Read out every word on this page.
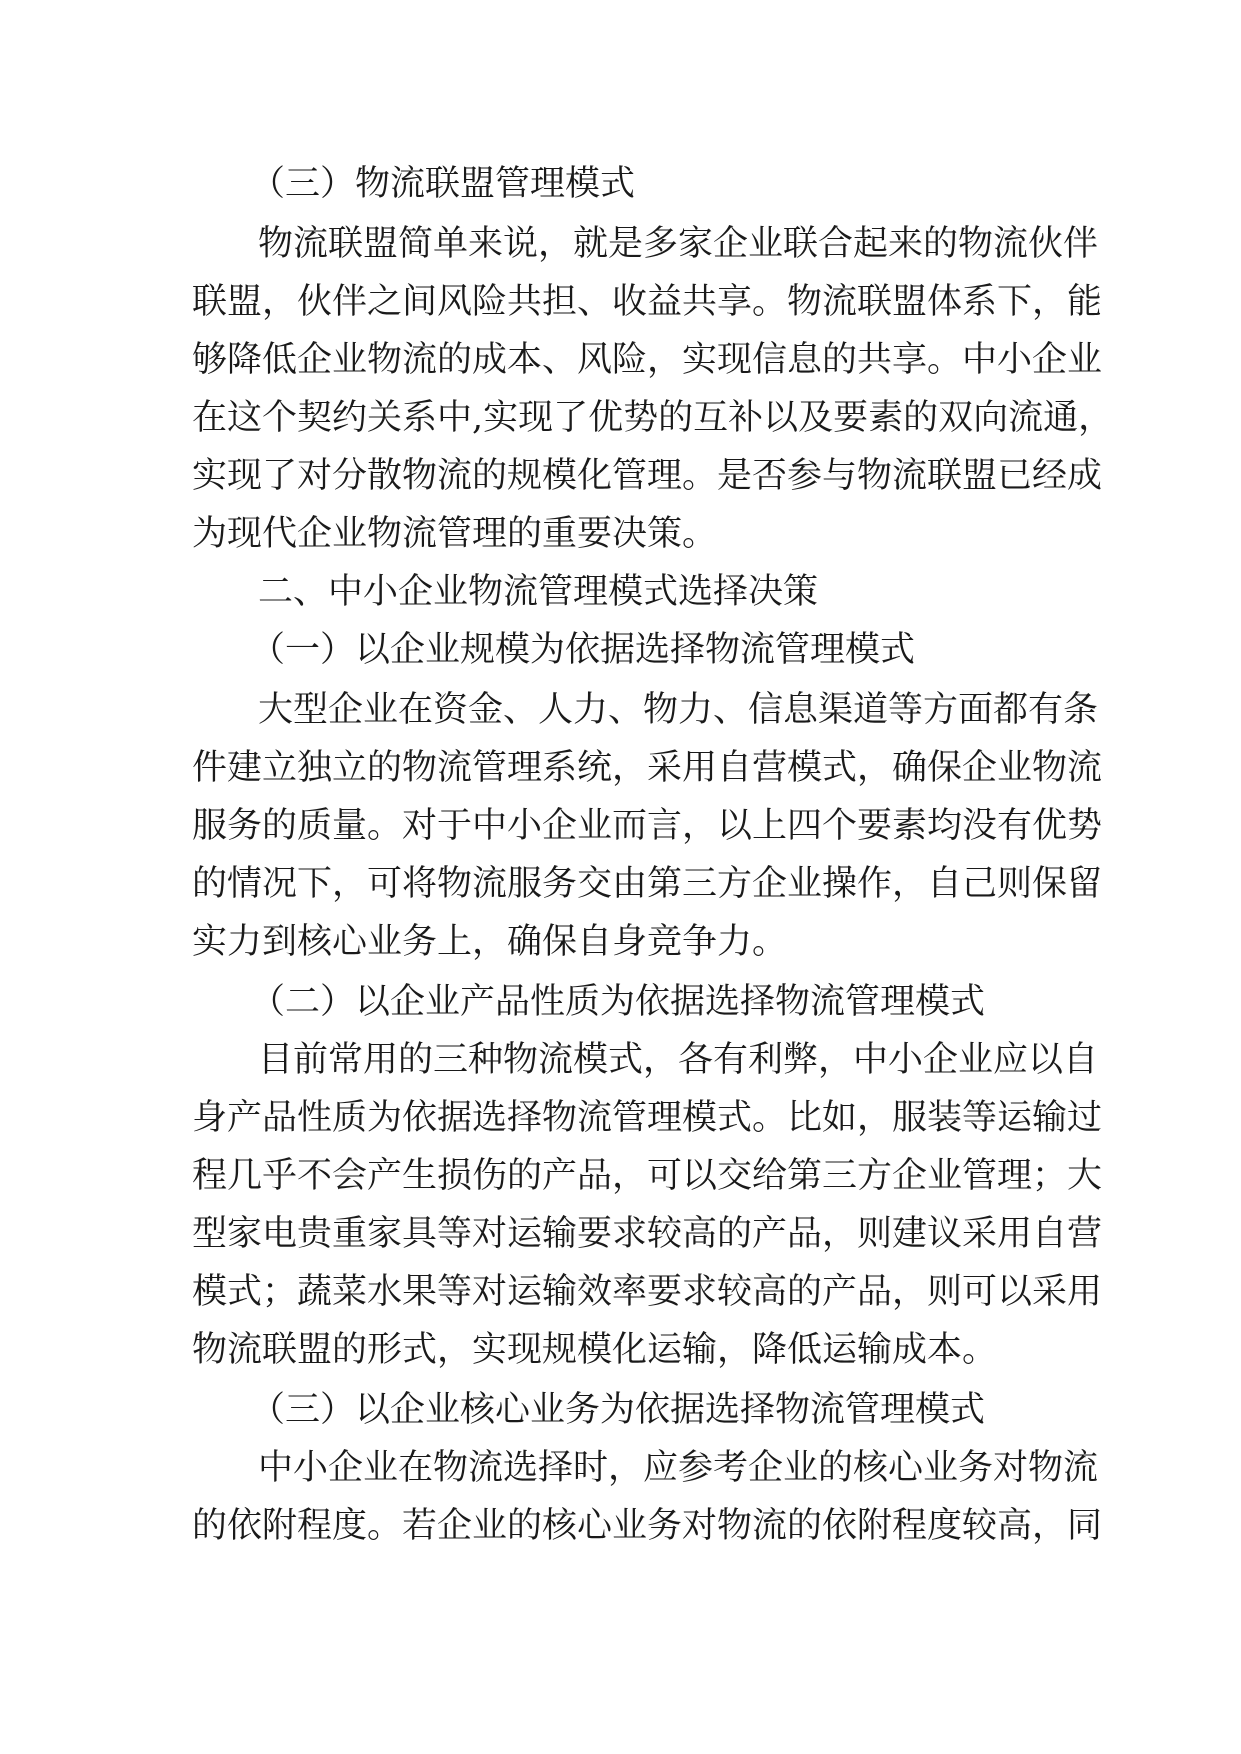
（三）物流联盟管理模式
物流联盟简单来说，就是多家企业联合起来的物流伙伴
联盟，伙伴之间风险共担、收益共享。物流联盟体系下，能
够降低企业物流的成本、风险，实现信息的共享。中小企业
在这个契约关系中,实现了优势的互补以及要素的双向流通，
实现了对分散物流的规模化管理。是否参与物流联盟已经成
为现代企业物流管理的重要决策。
二、中小企业物流管理模式选择决策
（一）以企业规模为依据选择物流管理模式
大型企业在资金、人力、物力、信息渠道等方面都有条
件建立独立的物流管理系统，采用自营模式，确保企业物流
服务的质量。对于中小企业而言，以上四个要素均没有优势
的情况下，可将物流服务交由第三方企业操作，自己则保留
实力到核心业务上，确保自身竞争力。
（二）以企业产品性质为依据选择物流管理模式
目前常用的三种物流模式，各有利弊，中小企业应以自
身产品性质为依据选择物流管理模式。比如，服装等运输过
程几乎不会产生损伤的产品，可以交给第三方企业管理；大
型家电贵重家具等对运输要求较高的产品，则建议采用自营
模式；蔬菜水果等对运输效率要求较高的产品，则可以采用
物流联盟的形式，实现规模化运输，降低运输成本。
（三）以企业核心业务为依据选择物流管理模式
中小企业在物流选择时，应参考企业的核心业务对物流
的依附程度。若企业的核心业务对物流的依附程度较高，同
